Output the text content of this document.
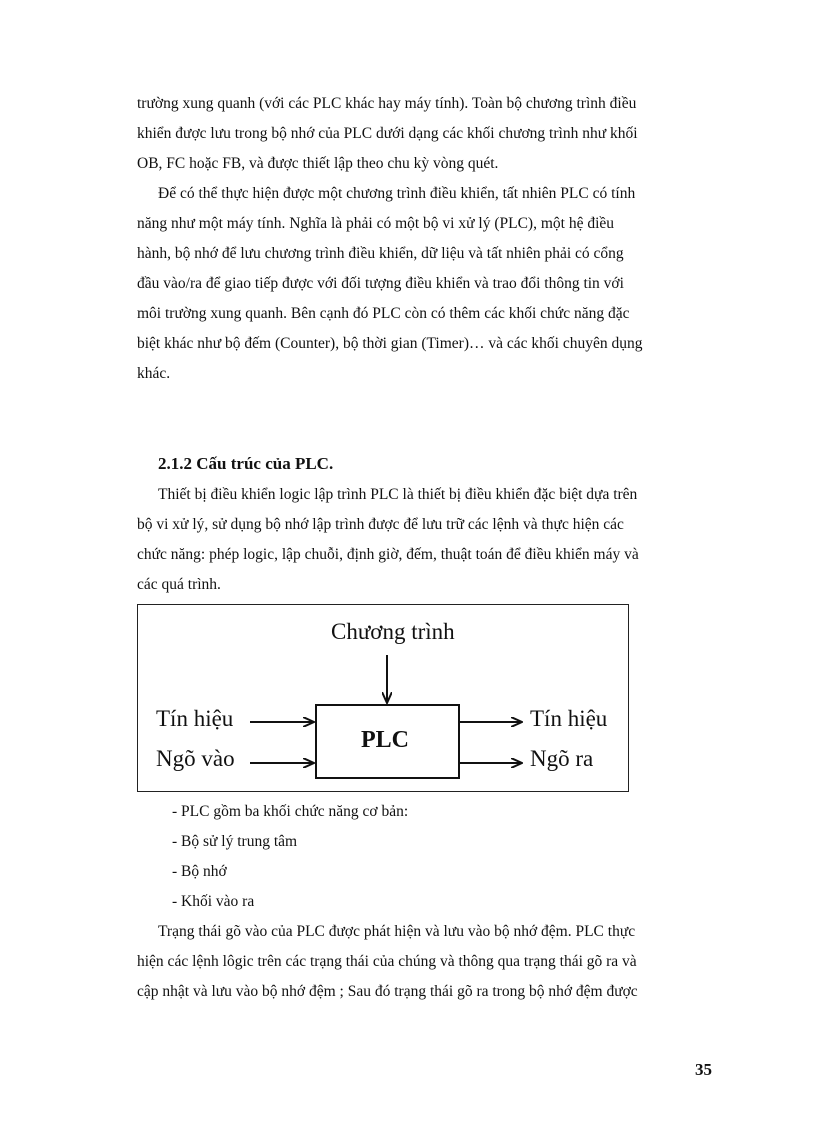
trường xung quanh (với các PLC khác hay máy tính). Toàn bộ chương trình điều
khiển được lưu trong bộ nhớ của PLC dưới dạng các khối chương trình như khối
OB, FC hoặc FB, và được thiết lập theo chu kỳ vòng quét.
Để có thể thực hiện được một chương trình điều khiển, tất nhiên PLC có tính
năng như một máy tính. Nghĩa là phải có một bộ vi xử lý (PLC), một hệ điều
hành, bộ nhớ để lưu chương trình điều khiển, dữ liệu và tất nhiên phải có cổng
đầu vào/ra để giao tiếp được với đối tượng điều khiển và trao đổi thông tin với
môi trường xung quanh. Bên cạnh đó PLC còn có thêm các khối chức năng đặc
biệt khác như bộ đếm (Counter), bộ thời gian (Timer)… và các khối chuyên dụng
khác.
2.1.2 Cấu trúc của PLC.
Thiết bị điều khiển logic lập trình PLC là thiết bị điều khiển đặc biệt dựa trên
bộ vi xử lý, sử dụng bộ nhớ lập trình được để lưu trữ các lệnh và thực hiện các
chức năng: phép logic, lập chuỗi, định giờ, đếm, thuật toán để điều khiển máy và
các quá trình.
Chương trình
PLC
Tín hiệu
Ngõ vào
Tín hiệu
Ngõ ra
- PLC gồm ba khối chức năng cơ bản:
- Bộ sử lý trung tâm
- Bộ nhớ
- Khối vào ra
Trạng thái gõ vào của PLC được phát hiện và lưu vào bộ nhớ đệm. PLC thực
hiện các lệnh lôgic trên các trạng thái của chúng và thông qua trạng thái gõ ra và
cập nhật và lưu vào bộ nhớ đệm ; Sau đó trạng thái gõ ra trong bộ nhớ đệm được
35
